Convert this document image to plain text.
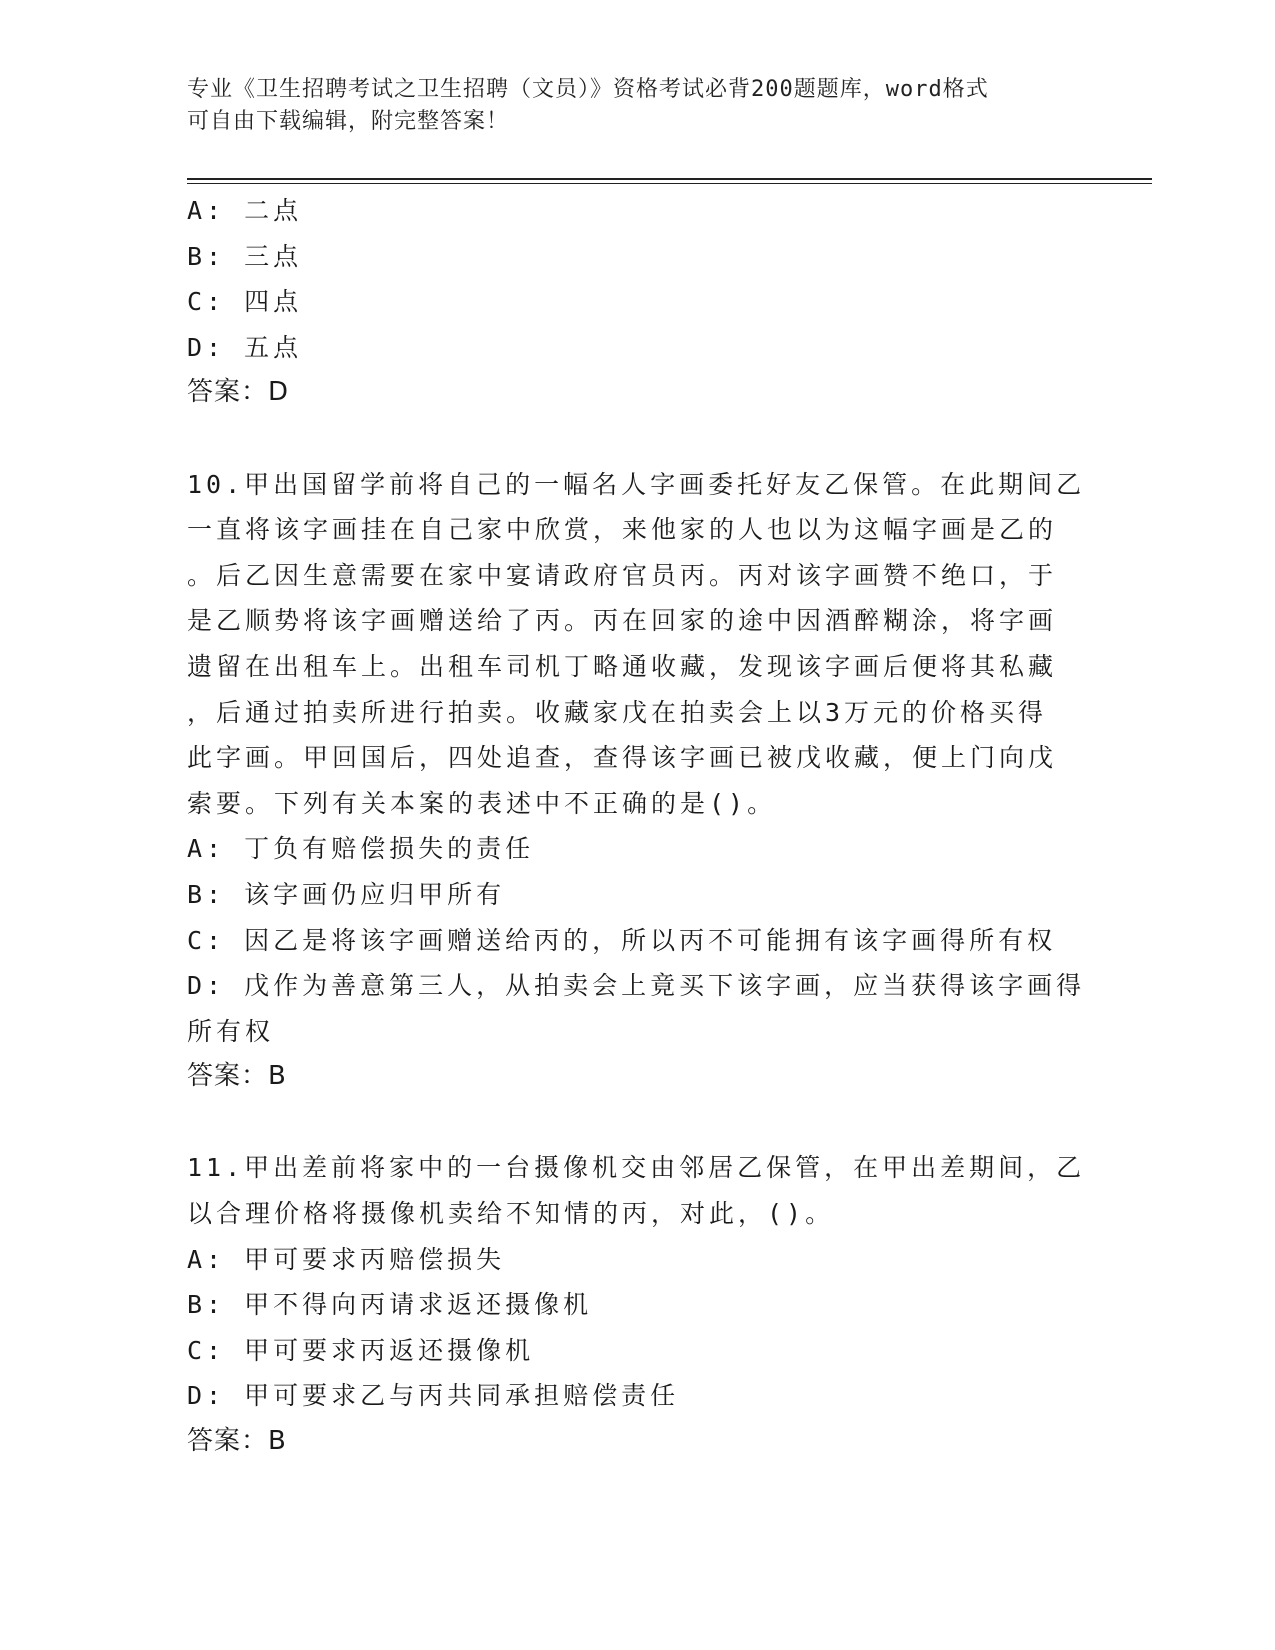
专业《卫生招聘考试之卫生招聘（文员）》资格考试必背200题题库，word格式
可自由下载编辑，附完整答案！
A: 二点
B: 三点
C: 四点
D: 五点
答案：D
10.甲出国留学前将自己的一幅名人字画委托好友乙保管。在此期间乙
一直将该字画挂在自己家中欣赏，来他家的人也以为这幅字画是乙的
。后乙因生意需要在家中宴请政府官员丙。丙对该字画赞不绝口，于
是乙顺势将该字画赠送给了丙。丙在回家的途中因酒醉糊涂，将字画
遗留在出租车上。出租车司机丁略通收藏，发现该字画后便将其私藏
，后通过拍卖所进行拍卖。收藏家戊在拍卖会上以3万元的价格买得
此字画。甲回国后，四处追查，查得该字画已被戊收藏，便上门向戊
索要。下列有关本案的表述中不正确的是()。
A: 丁负有赔偿损失的责任
B: 该字画仍应归甲所有
C: 因乙是将该字画赠送给丙的，所以丙不可能拥有该字画得所有权
D: 戊作为善意第三人，从拍卖会上竟买下该字画，应当获得该字画得
所有权
答案：B
11.甲出差前将家中的一台摄像机交由邻居乙保管，在甲出差期间，乙
以合理价格将摄像机卖给不知情的丙，对此，()。
A: 甲可要求丙赔偿损失
B: 甲不得向丙请求返还摄像机
C: 甲可要求丙返还摄像机
D: 甲可要求乙与丙共同承担赔偿责任
答案：B
